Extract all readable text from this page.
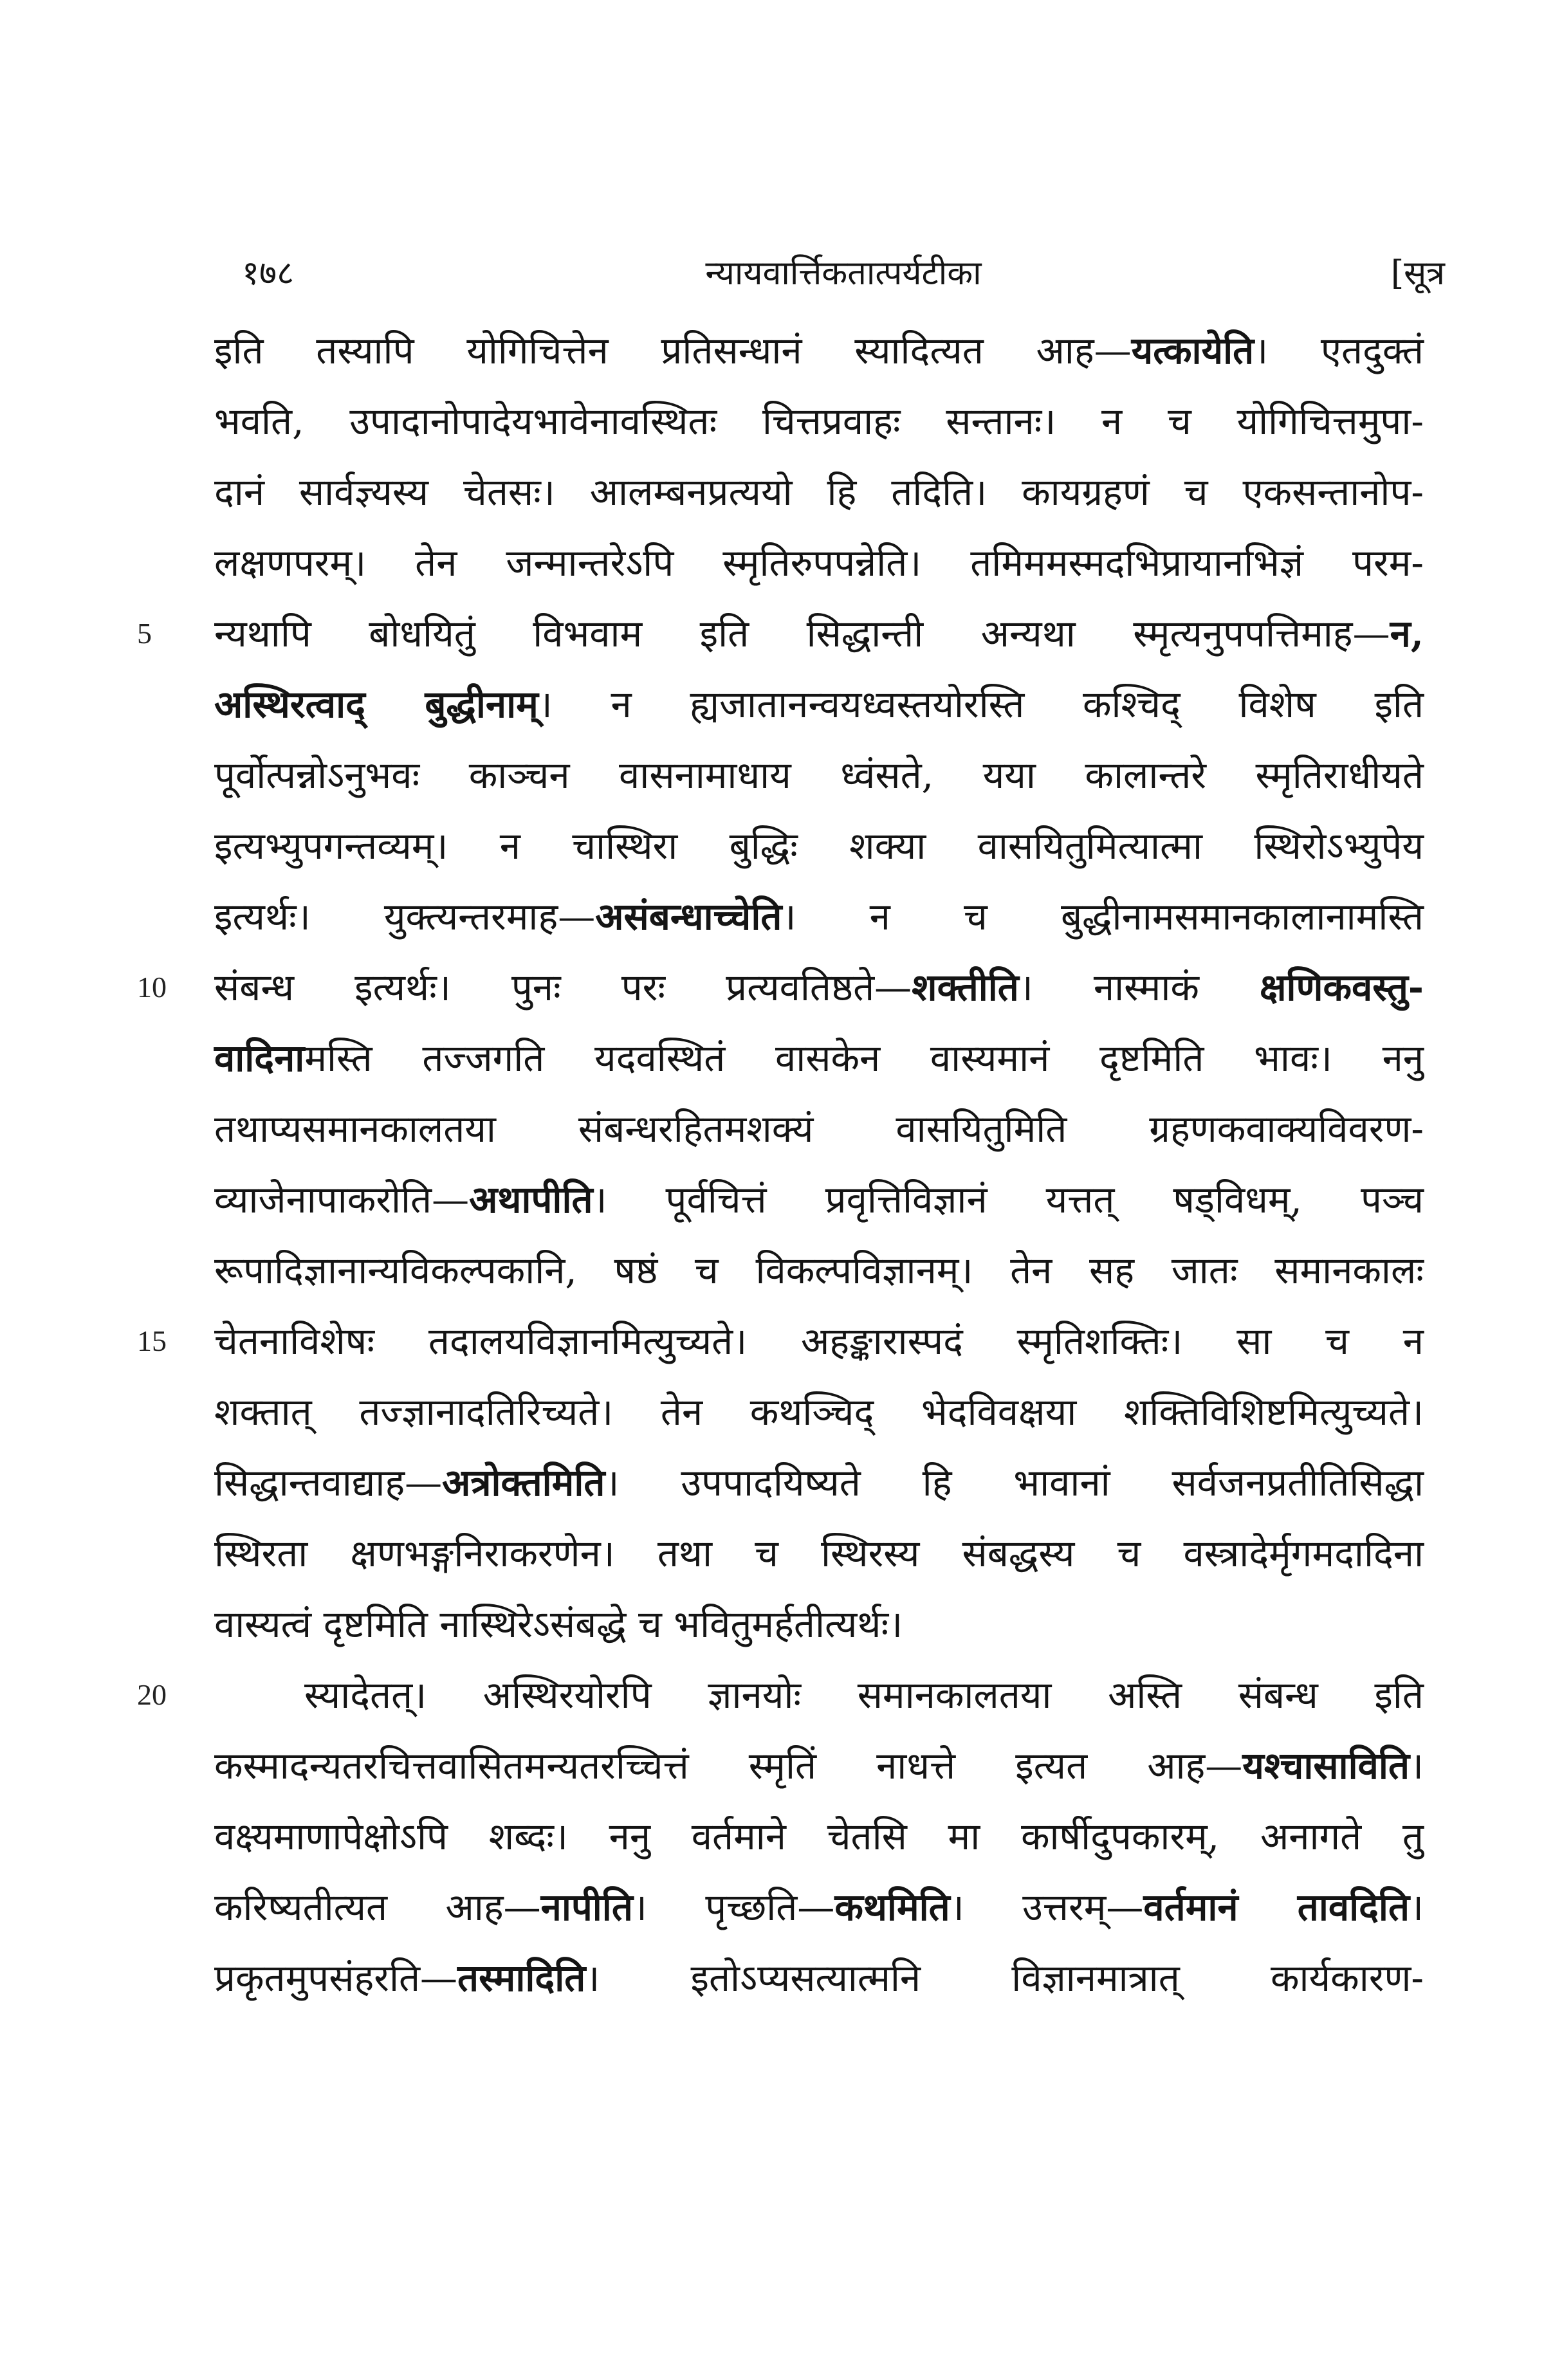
१७८	न्यायवार्त्तिकतात्पर्यटीका	[सूत्र
इति तस्यापि योगिचित्तेन प्रतिसन्धानं स्यादित्यत आह—यत्कायेति। एतदुक्तं
भवति, उपादानोपादेयभावेनावस्थितः चित्तप्रवाहः सन्तानः। न च योगिचित्तमुपा-
दानं सार्वज्ञ्यस्य चेतसः। आलम्बनप्रत्ययो हि तदिति। कायग्रहणं च एकसन्तानोप-
लक्षणपरम्। तेन जन्मान्तरेऽपि स्मृतिरुपपन्नेति। तमिममस्मदभिप्रायानभिज्ञं परम-
5	न्यथापि बोधयितुं विभवाम इति सिद्धान्ती अन्यथा स्मृत्यनुपपत्तिमाह—न,
अस्थिरत्वाद् बुद्धीनाम्। न ह्यजातानन्वयध्वस्तयोरस्ति कश्चिद् विशेष इति
पूर्वोत्पन्नोऽनुभवः काञ्चन वासनामाधाय ध्वंसते, यया कालान्तरे स्मृतिराधीयते
इत्यभ्युपगन्तव्यम्। न चास्थिरा बुद्धिः शक्या वासयितुमित्यात्मा स्थिरोऽभ्युपेय
इत्यर्थः। युक्त्यन्तरमाह—असंबन्धाच्चेति। न च बुद्धीनामसमानकालानामस्ति
10 संबन्ध इत्यर्थः। पुनः परः प्रत्यवतिष्ठते—शक्तीति। नास्माकं क्षणिकवस्तु-
वादिनामस्ति तज्जगति यदवस्थितं वासकेन वास्यमानं दृष्टमिति भावः। ननु
तथाप्यसमानकालतया संबन्धरहितमशक्यं वासयितुमिति ग्रहणकवाक्यविवरण-
व्याजेनापाकरोति—अथापीति। पूर्वचित्तं प्रवृत्तिविज्ञानं यत्तत् षड्विधम्, पञ्च
रूपादिज्ञानान्यविकल्पकानि, षष्ठं च विकल्पविज्ञानम्। तेन सह जातः समानकालः
15 चेतनाविशेषः तदालयविज्ञानमित्युच्यते। अहङ्कारास्पदं स्मृतिशक्तिः। सा च न
शक्तात् तज्ज्ञानादतिरिच्यते। तेन कथञ्चिद् भेदविवक्षया शक्तिविशिष्टमित्युच्यते।
सिद्धान्तवाद्याह—अत्रोक्तमिति। उपपादयिष्यते हि भावानां सर्वजनप्रतीतिसिद्धा
स्थिरता क्षणभङ्गनिराकरणेन। तथा च स्थिरस्य संबद्धस्य च वस्त्रादेर्मृगमदादिना
वास्यत्वं दृष्टमिति नास्थिरेऽसंबद्धे च भवितुमर्हतीत्यर्थः।
20	स्यादेतत्। अस्थिरयोरपि ज्ञानयोः समानकालतया अस्ति संबन्ध इति
कस्मादन्यतरचित्तवासितमन्यतरच्चित्तं स्मृतिं नाधत्ते इत्यत आह—यश्चासाविति।
वक्ष्यमाणापेक्षोऽपि शब्दः। ननु वर्तमाने चेतसि मा कार्षीदुपकारम्, अनागते तु
करिष्यतीत्यत आह—नापीति। पृच्छति—कथमिति। उत्तरम्—वर्तमानं तावदिति।
प्रकृतमुपसंहरति—तस्मादिति। इतोऽप्यसत्यात्मनि विज्ञानमात्रात् कार्यकारण-
